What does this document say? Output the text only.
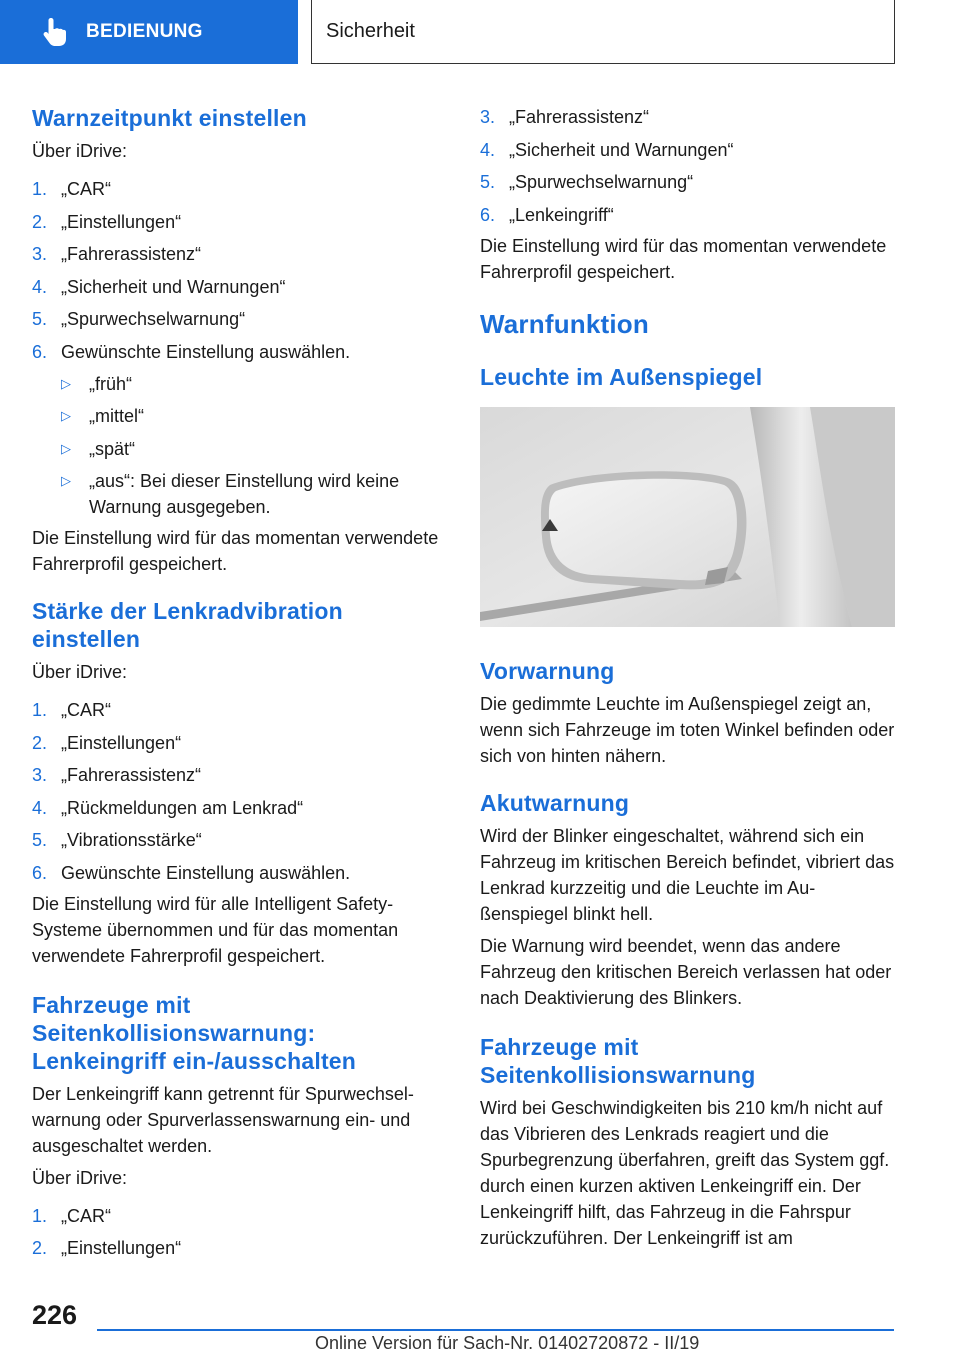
BEDIENUNG	Sicherheit
Warnzeitpunkt einstellen

Über iDrive:

1. „CAR“
2. „Einstellungen“
3. „Fahrerassistenz“
4. „Sicherheit und Warnungen“
5. „Spurwechselwarnung“
6. Gewünschte Einstellung auswählen.
▷	„früh“
▷	„mittel“
▷	„spät“
▷	„aus“: Bei dieser Einstellung wird keine Warnung ausgegeben.

Die Einstellung wird für das momentan verwendete Fahrerprofil gespeichert.

Stärke der Lenkradvibration einstellen

Über iDrive:

1. „CAR“
2. „Einstellungen“
3. „Fahrerassistenz“
4. „Rückmeldungen am Lenkrad“
5. „Vibrationsstärke“
6. Gewünschte Einstellung auswählen.

Die Einstellung wird für alle Intelligent Safety-Systeme übernommen und für das momentan verwendete Fahrerprofil gespeichert.

Fahrzeuge mit Seitenkollisionswarnung: Lenkeingriff ein-/ausschalten

Der Lenkeingriff kann getrennt für Spurwechselwarnung oder Spurverlassenswarnung ein- und ausgeschaltet werden.

Über iDrive:

1. „CAR“
2. „Einstellungen“
3. „Fahrerassistenz“
4. „Sicherheit und Warnungen“
5. „Spurwechselwarnung“
6. „Lenkeingriff“

Die Einstellung wird für das momentan verwendete Fahrerprofil gespeichert.

Warnfunktion
Leuchte im Außenspiegel
Vorwarnung

Die gedimmte Leuchte im Außenspiegel zeigt an, wenn sich Fahrzeuge im toten Winkel befinden oder sich von hinten nähern.

Akutwarnung

Wird der Blinker eingeschaltet, während sich ein Fahrzeug im kritischen Bereich befindet, vibriert das Lenkrad kurzzeitig und die Leuchte im Außenspiegel blinkt hell.

Die Warnung wird beendet, wenn das andere Fahrzeug den kritischen Bereich verlassen hat oder nach Deaktivierung des Blinkers.

Fahrzeuge mit Seitenkollisionswarnung

Wird bei Geschwindigkeiten bis 210 km/h nicht auf das Vibrieren des Lenkrads reagiert und die Spurbegrenzung überfahren, greift das System ggf. durch einen kurzen aktiven Lenkeingriff ein. Der Lenkeingriff hilft, das Fahrzeug in die Fahrspur zurückzuführen. Der Lenkeingriff ist am

226
Online Version für Sach-Nr. 01402720872 - II/19
